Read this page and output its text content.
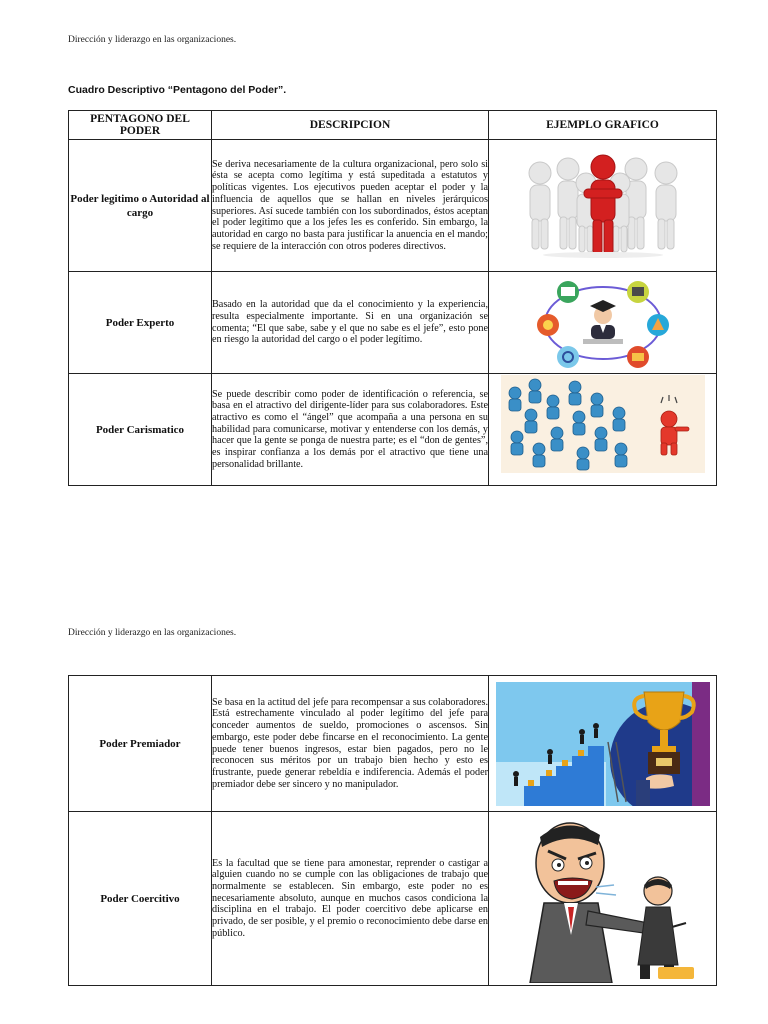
Dirección y liderazgo en las organizaciones.
Cuadro Descriptivo “Pentagono del Poder”.
PENTAGONO DEL PODER	DESCRIPCION	EJEMPLO GRAFICO
Poder legitimo o Autoridad al cargo	Se deriva necesariamente de la cultura organizacional, pero solo si ésta se acepta como legítima y está supeditada a estatutos y políticas vigentes. Los ejecutivos pueden aceptar el poder y la influencia de aquellos que se hallan en niveles jerárquicos superiores. Así sucede también con los subordinados, éstos aceptan el poder legítimo que a los jefes les es conferido. Sin embargo, la autoridad en cargo no basta para justificar la anuencia en el mando; se requiere de la interacción con otros poderes directivos.	

Poder Experto	Basado en la autoridad que da el conocimiento y la experiencia, resulta especialmente importante. Si en una organización se comenta; “El que sabe, sabe y el que no sabe es el jefe”, esto pone en riesgo la autoridad del cargo o el poder legítimo.	

Poder Carismatico	Se puede describir como poder de identificación o referencia, se basa en el atractivo del dirigente-líder para sus colaboradores. Este atractivo es como el “ángel” que acompaña a una persona en su habilidad para comunicarse, motivar y entenderse con los demás, y hacer que la gente se ponga de nuestra parte; es el “don de gentes”, es inspirar confianza a los demás por el atractivo que tiene una personalidad brillante.	
Dirección y liderazgo en las organizaciones.
Poder Premiador	Se basa en la actitud del jefe para recompensar a sus colaboradores. Está estrechamente vinculado al poder legítimo del jefe para conceder aumentos de sueldo, promociones o ascensos. Sin embargo, este poder debe fincarse en el reconocimiento. La gente puede tener buenos ingresos, estar bien pagados, pero no le reconocen sus méritos por un trabajo bien hecho y esto es frustrante, puede generar rebeldía e indiferencia. Además el poder premiador debe ser sincero y no manipulador.	

Poder Coercitivo	Es la facultad que se tiene para amonestar, reprender o castigar a alguien cuando no se cumple con las obligaciones de trabajo que normalmente se establecen. Sin embargo, este poder no es necesariamente absoluto, aunque en muchos casos condiciona la disciplina en el trabajo. El poder coercitivo debe aplicarse en privado, de ser posible, y el premio o reconocimiento debe darse en público.	
